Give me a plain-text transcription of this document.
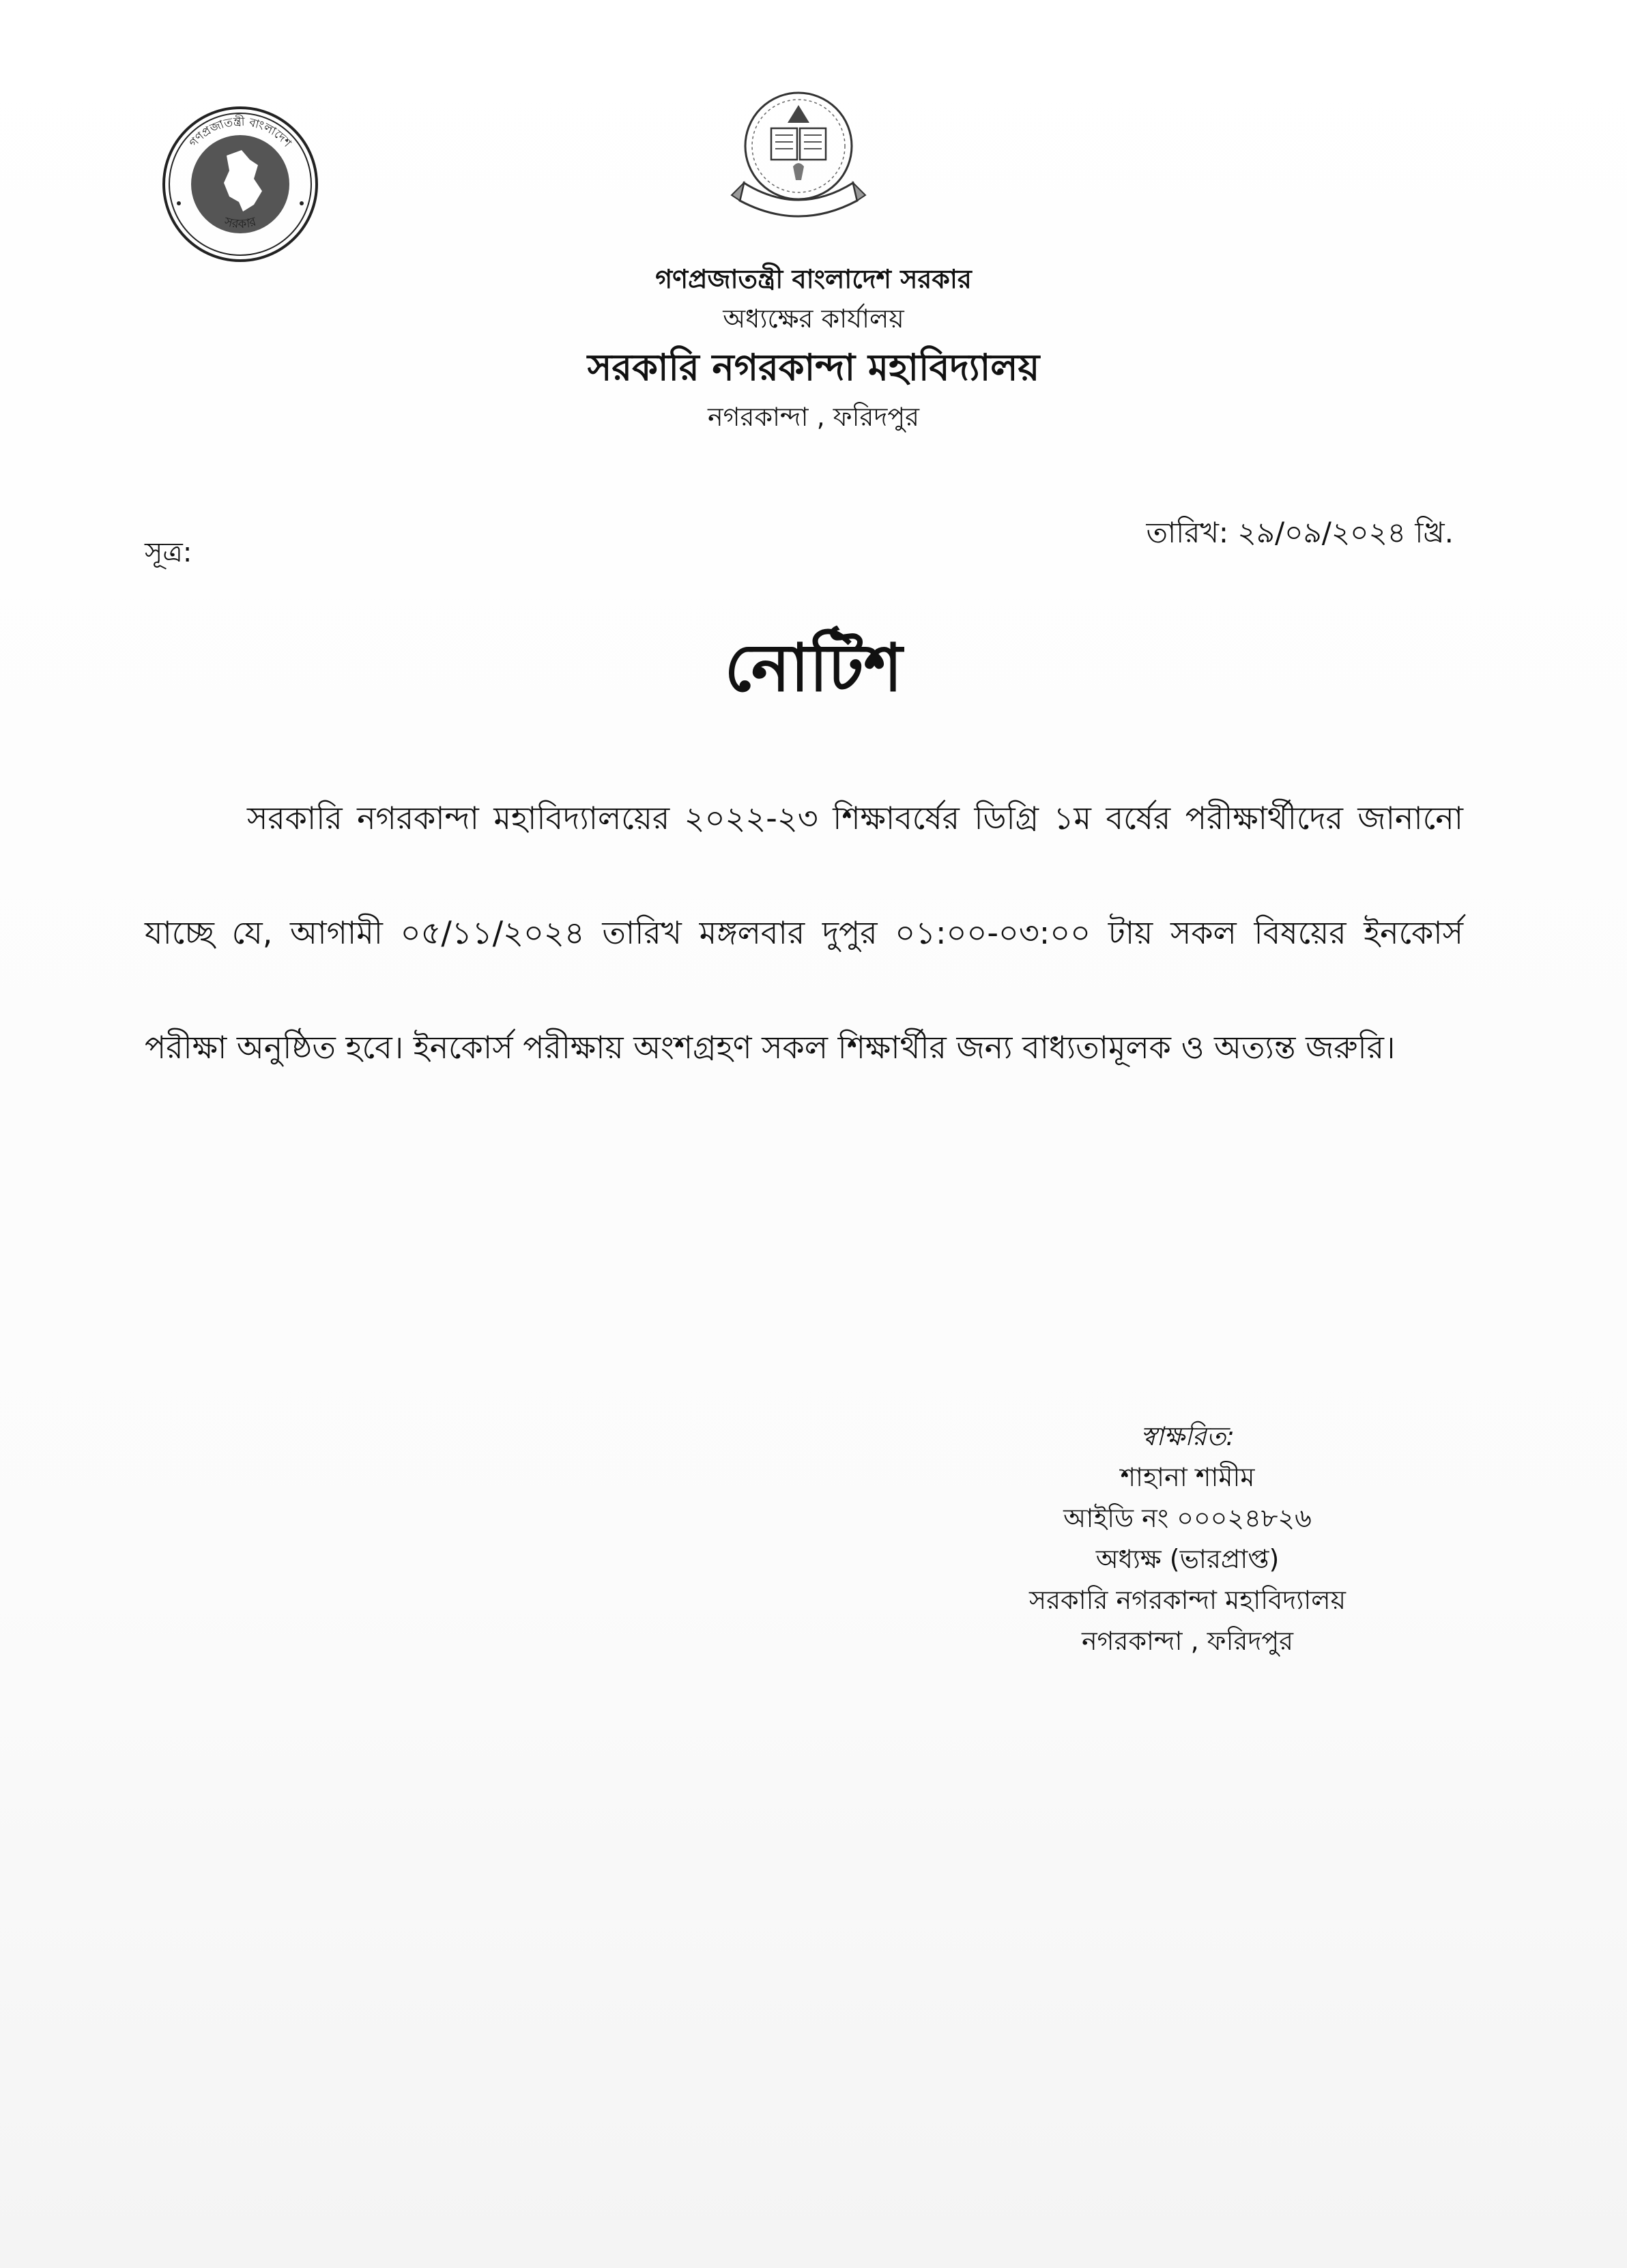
গণপ্রজাতন্ত্রী বাংলাদেশ
সরকার
গণপ্রজাতন্ত্রী বাংলাদেশ সরকার
অধ্যক্ষের কার্যালয়
সরকারি নগরকান্দা মহাবিদ্যালয়
নগরকান্দা , ফরিদপুর
সূত্র:
তারিখ: ২৯/০৯/২০২৪ খ্রি.
নোটিশ
সরকারি নগরকান্দা মহাবিদ্যালয়ের ২০২২-২৩ শিক্ষাবর্ষের ডিগ্রি ১ম বর্ষের পরীক্ষার্থীদের জানানো যাচ্ছে যে, আগামী ০৫/১১/২০২৪ তারিখ মঙ্গলবার দুপুর ০১:০০-০৩:০০ টায় সকল বিষয়ের ইনকোর্স পরীক্ষা অনুষ্ঠিত হবে। ইনকোর্স পরীক্ষায় অংশগ্রহণ সকল শিক্ষার্থীর জন্য বাধ্যতামূলক ও অত্যন্ত জরুরি।
স্বাক্ষরিত:
শাহানা শামীম
আইডি নং ০০০২৪৮২৬
অধ্যক্ষ (ভারপ্রাপ্ত)
সরকারি নগরকান্দা মহাবিদ্যালয়
নগরকান্দা , ফরিদপুর
